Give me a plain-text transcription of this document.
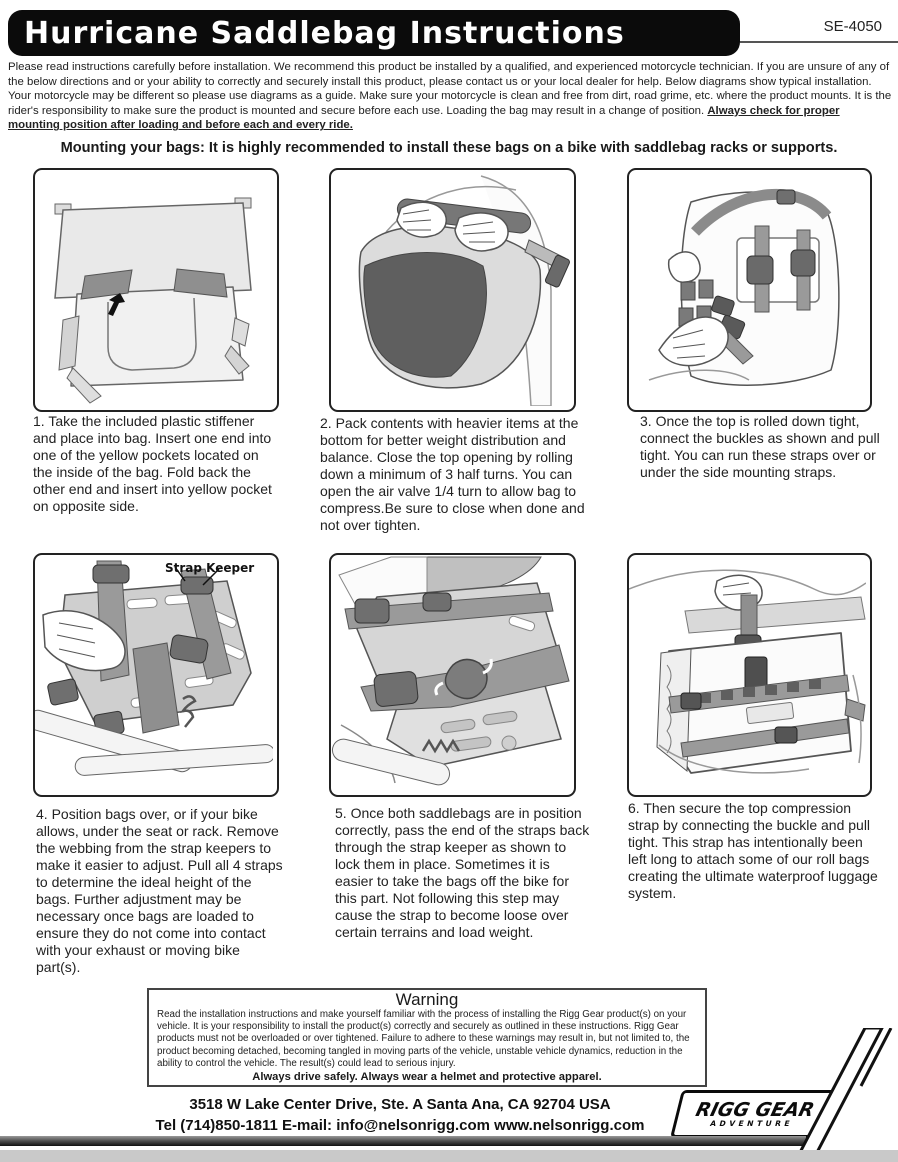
Hurricane Saddlebag Instructions	SE-4050
Please read instructions carefully before installation. We recommend this product be installed by a qualified, and experienced motorcycle technician. If you are unsure of any of the below directions and or your ability to correctly and securely install this product, please contact us or your local dealer for help. Below diagrams show typical installation. Your motorcycle may be different so please use diagrams as a guide. Make sure your motorcycle is clean and free from dirt, road grime, etc. where the product mounts. It is the rider's responsibility to make sure the product is mounted and secure before each use. Loading the bag may result in a change of position. Always check for proper mounting position after loading and before each and every ride.
Mounting your bags: It is highly recommended to install these bags on a bike with saddlebag racks or supports.
Strap Keeper
1. Take the included plastic stiffener and place into bag. Insert one end into one of the yellow pockets located on the inside of the bag. Fold back the other end and insert into yellow pocket on opposite side.
2. Pack contents with heavier items at the bottom for better weight distribution and balance. Close the top opening by rolling down a minimum of 3 half turns. You can open the air valve 1/4 turn to allow bag to compress.Be sure to close when done and not over tighten.
3. Once the top is rolled down tight, connect the buckles as shown and pull tight. You can run these straps over or under the side mounting straps.
4. Position bags over, or if your bike allows, under the seat or rack. Remove the webbing from the strap keepers to make it easier to adjust. Pull all 4 straps to determine the ideal height of the bags. Further adjustment may be necessary once bags are loaded to ensure they do not come into contact with your exhaust or moving bike part(s).
5. Once both saddlebags are in position correctly, pass the end of the straps back through the strap keeper as shown to lock them in place. Sometimes it is easier to take the bags off the bike for this part. Not following this step may cause the strap to become loose over certain terrains and load weight.
6. Then secure the top compression strap by connecting the buckle and pull tight. This strap has intentionally been left long to attach some of our roll bags creating the ultimate waterproof luggage system.

Warning

Read the installation instructions and make yourself familiar with the process of installing the Rigg Gear product(s) on your vehicle. It is your responsibility to install the product(s) correctly and securely as outlined in these instructions. Rigg Gear products must not be overloaded or over tightened. Failure to adhere to these warnings may result in, but not limited to, the product becoming detached, becoming tangled in moving parts of the vehicle, unstable vehicle dynamics, reduction in the ability to control the vehicle. The result(s) could lead to serious injury.

Always drive safely. Always wear a helmet and protective apparel.

3518 W Lake Center Drive, Ste. A Santa Ana, CA 92704 USA
Tel (714)850-1811 E-mail: info@nelsonrigg.com www.nelsonrigg.com
RIGG GEAR
ADVENTURE
